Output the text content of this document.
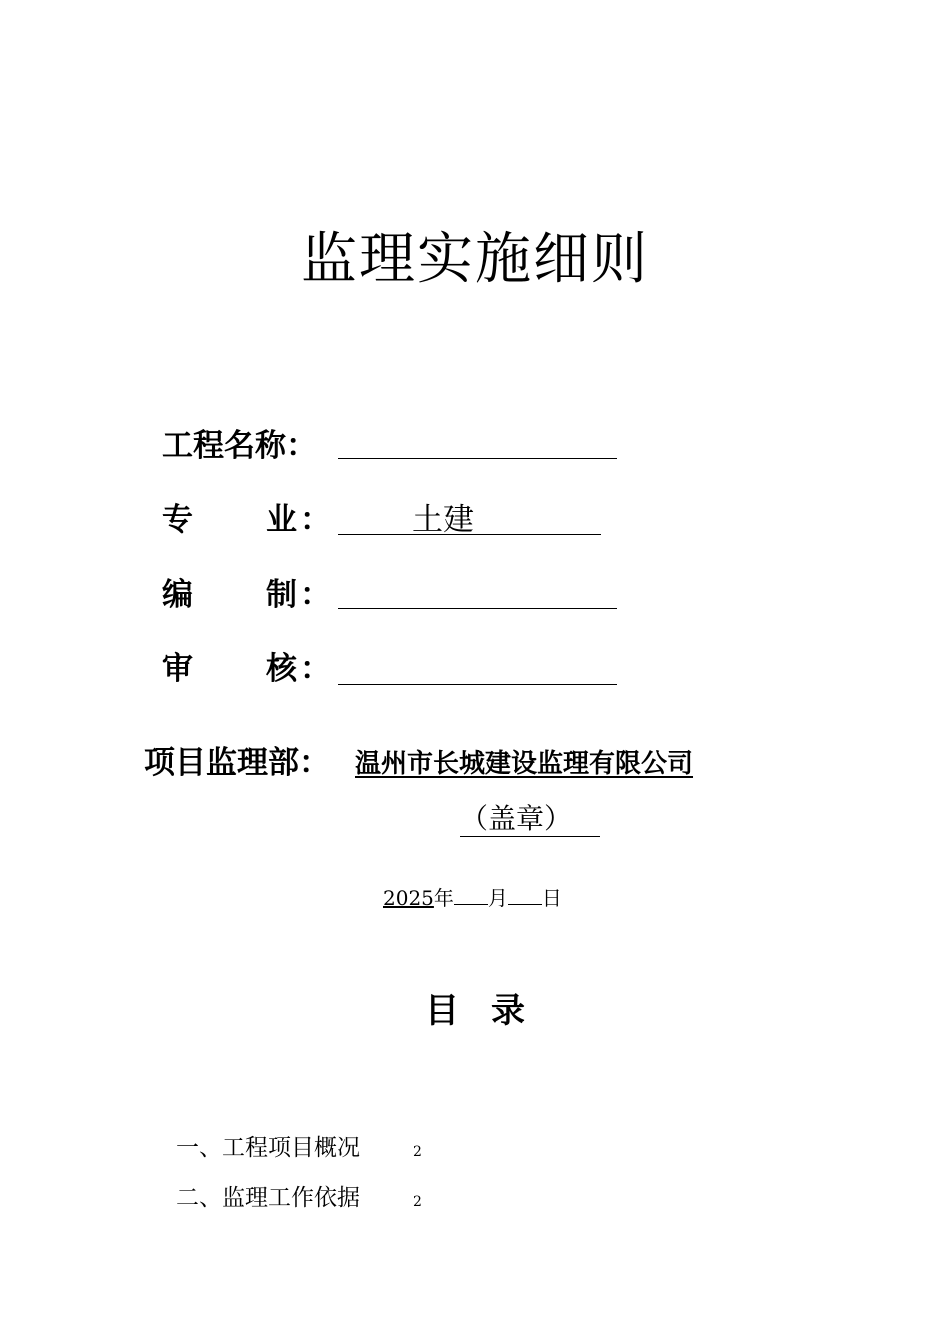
监理实施细则
工程名称：
专 业 ：	土建
编 制 ：
审 核 ：
项目监理部： 温州市长城建设监理有限公司
（盖章）
2025年 月 日
目 录
一、工程项目概况	2
二、监理工作依据	2
